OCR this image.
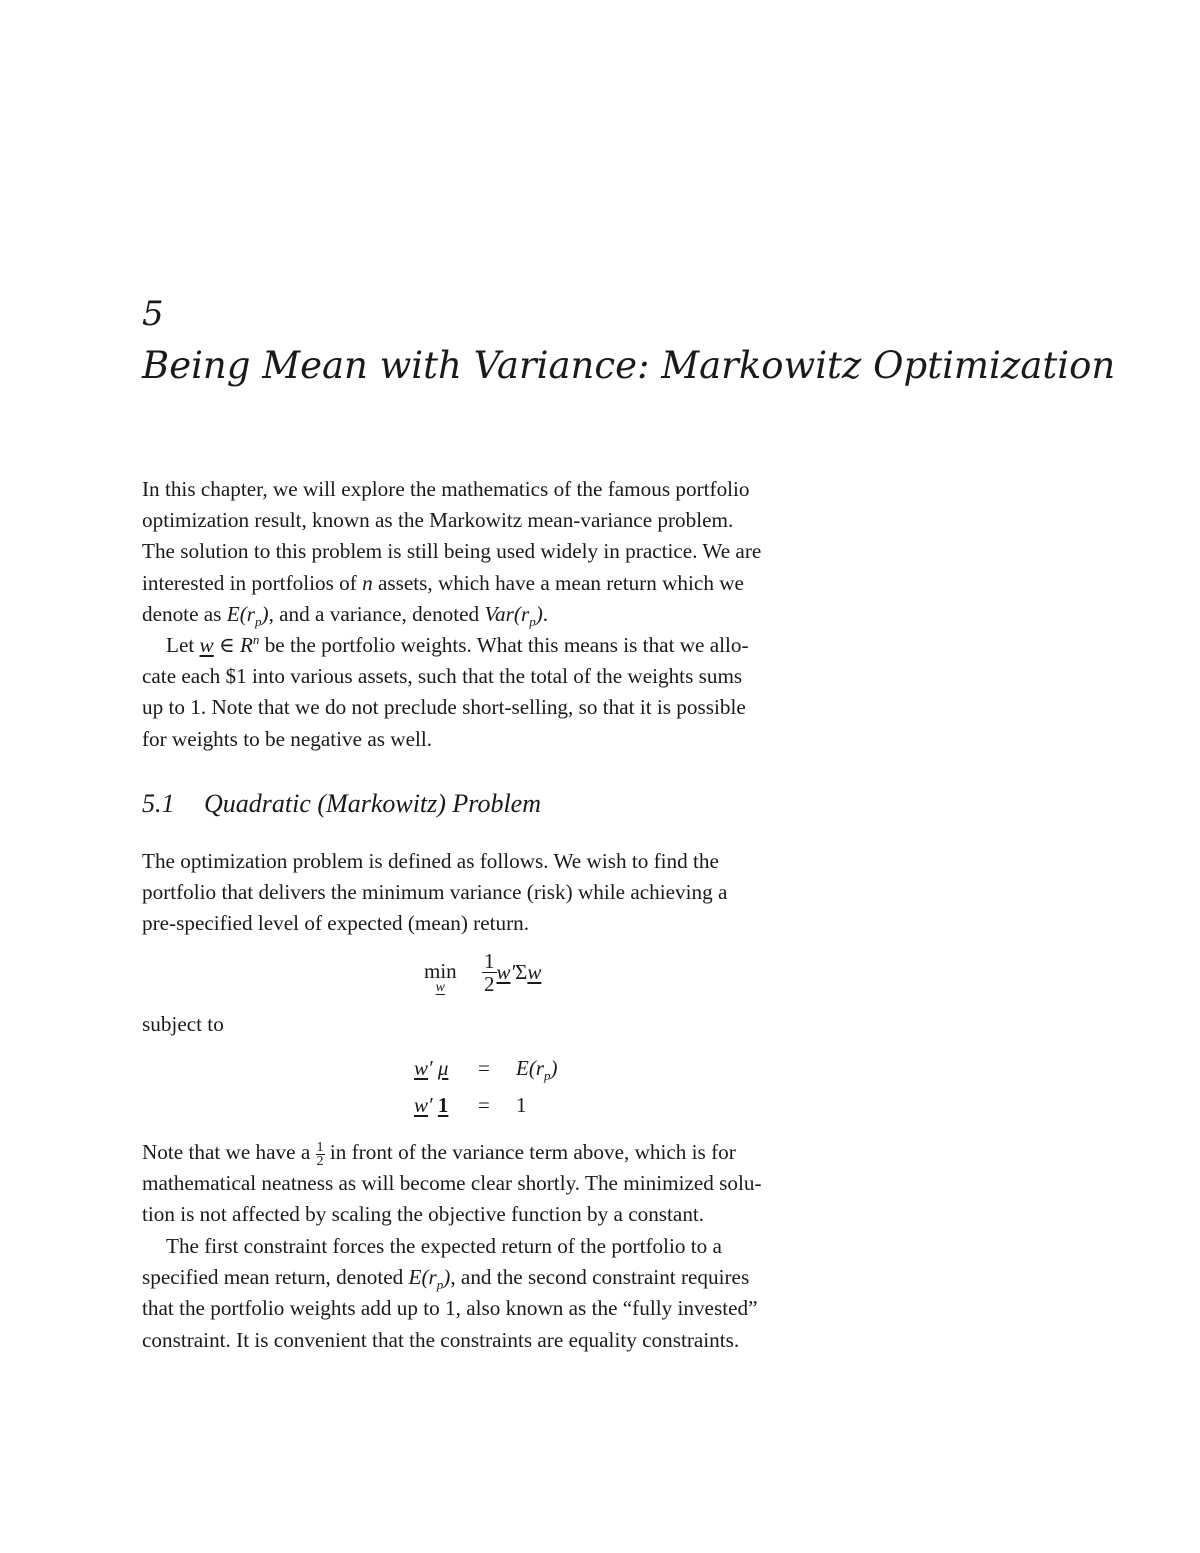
5
Being Mean with Variance: Markowitz Optimization

In this chapter, we will explore the mathematics of the famous portfolio
optimization result, known as the Markowitz mean-variance problem.
The solution to this problem is still being used widely in practice. We are
interested in portfolios of n assets, which have a mean return which we
denote as $E(r_p)$, and a variance, denoted $Var(r_p)$.

Let w ∈ $R^n$ be the portfolio weights. What this means is that we allo-
cate each $1 into various assets, such that the total of the weights sums
up to 1. Note that we do not preclude short-selling, so that it is possible
for weights to be negative as well.

5.1 Quadratic (Markowitz) Problem

The optimization problem is defined as follows. We wish to find the
portfolio that delivers the minimum variance (risk) while achieving a
pre-specified level of expected (mean) return.

min
w	$\frac{1}{2} w'\Sigma w$

subject to

w′ $\mu = E(r_p)$
w′ 1 = 1

Note that we have a $\frac{1}{2}$ in front of the variance term above, which is for
mathematical neatness as will become clear shortly. The minimized solu-
tion is not affected by scaling the objective function by a constant.

The first constraint forces the expected return of the portfolio to a
specified mean return, denoted $E(r_p)$, and the second constraint requires
that the portfolio weights add up to 1, also known as the “fully invested”
constraint. It is convenient that the constraints are equality constraints.
